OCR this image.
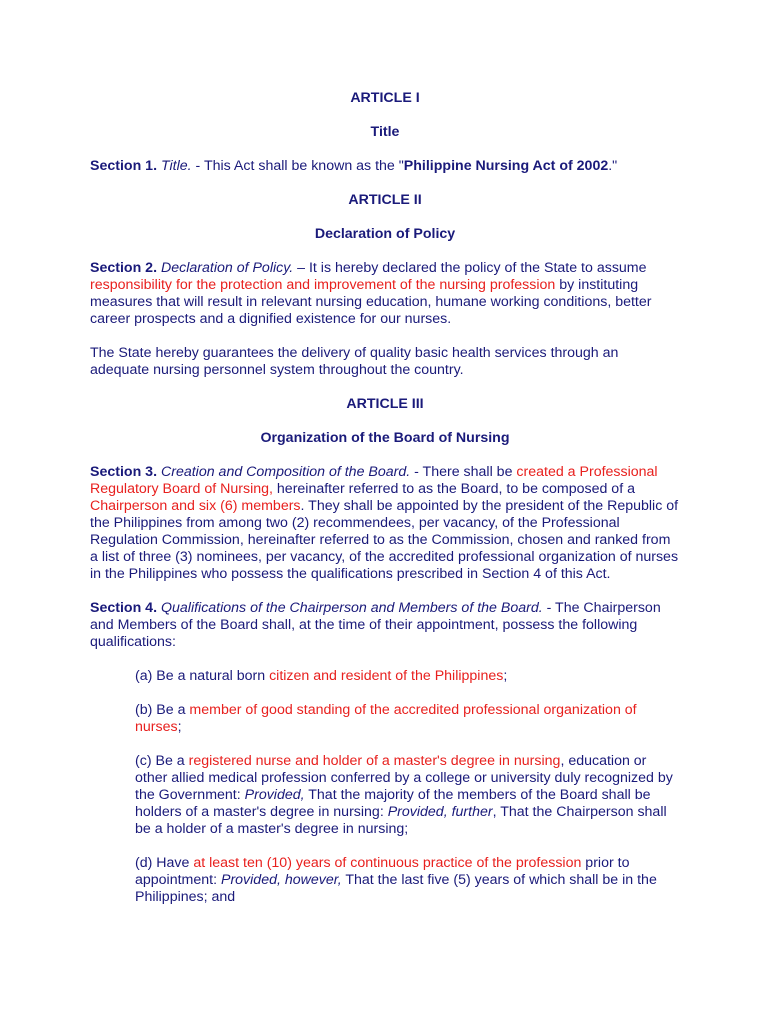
ARTICLE I

Title

Section 1. Title. - This Act shall be known as the "Philippine Nursing Act of 2002."

ARTICLE II

Declaration of Policy

Section 2. Declaration of Policy. – It is hereby declared the policy of the State to assume responsibility for the protection and improvement of the nursing profession by instituting measures that will result in relevant nursing education, humane working conditions, better career prospects and a dignified existence for our nurses.

The State hereby guarantees the delivery of quality basic health services through an adequate nursing personnel system throughout the country.

ARTICLE III

Organization of the Board of Nursing

Section 3. Creation and Composition of the Board. - There shall be created a Professional Regulatory Board of Nursing, hereinafter referred to as the Board, to be composed of a Chairperson and six (6) members. They shall be appointed by the president of the Republic of the Philippines from among two (2) recommendees, per vacancy, of the Professional Regulation Commission, hereinafter referred to as the Commission, chosen and ranked from a list of three (3) nominees, per vacancy, of the accredited professional organization of nurses in the Philippines who possess the qualifications prescribed in Section 4 of this Act.

Section 4. Qualifications of the Chairperson and Members of the Board. - The Chairperson and Members of the Board shall, at the time of their appointment, possess the following qualifications:

(a) Be a natural born citizen and resident of the Philippines;

(b) Be a member of good standing of the accredited professional organization of nurses;

(c) Be a registered nurse and holder of a master's degree in nursing, education or other allied medical profession conferred by a college or university duly recognized by the Government: Provided, That the majority of the members of the Board shall be holders of a master's degree in nursing: Provided, further, That the Chairperson shall be a holder of a master's degree in nursing;

(d) Have at least ten (10) years of continuous practice of the profession prior to appointment: Provided, however, That the last five (5) years of which shall be in the Philippines; and
